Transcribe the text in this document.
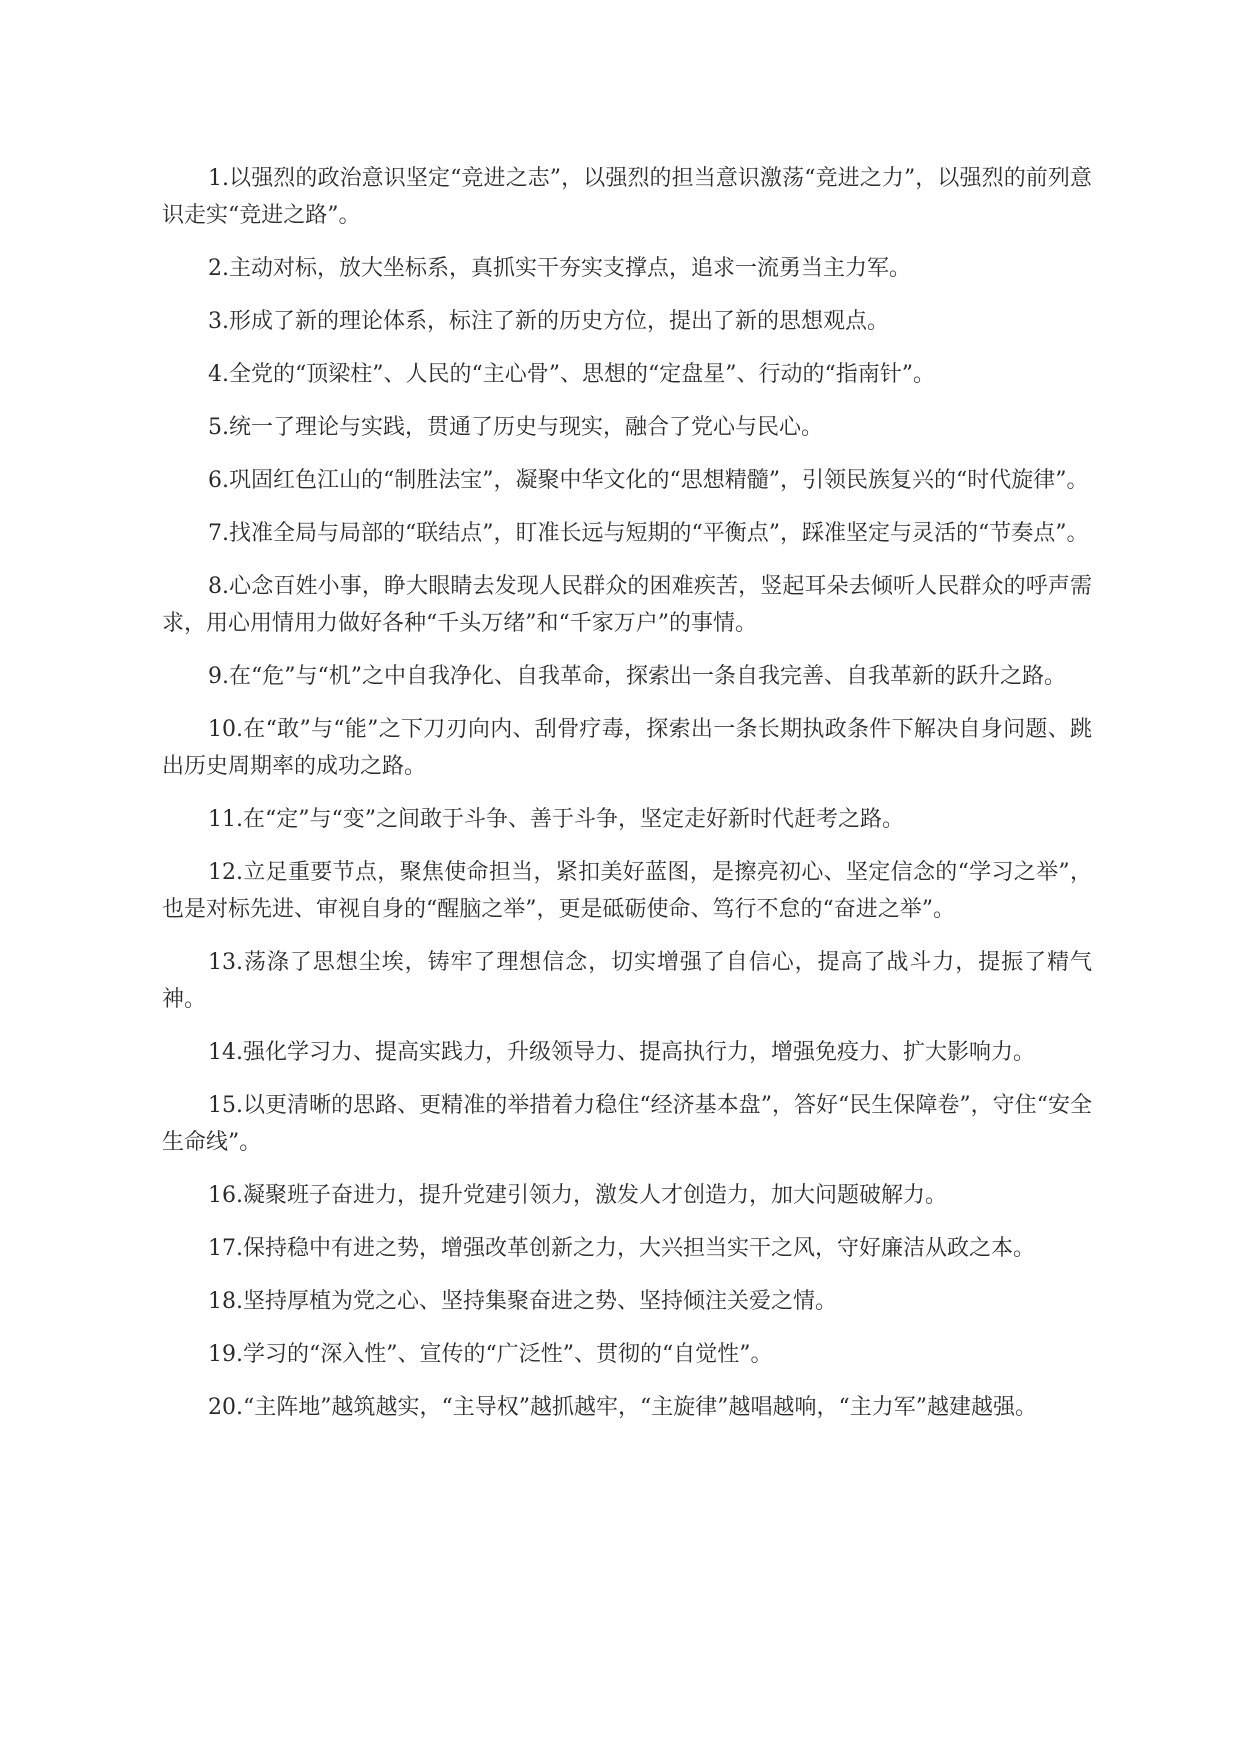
1.以强烈的政治意识坚定“竞进之志”，以强烈的担当意识激荡“竞进之力”，以强烈的前列意识走实“竞进之路”。

2.主动对标，放大坐标系，真抓实干夯实支撑点，追求一流勇当主力军。

3.形成了新的理论体系，标注了新的历史方位，提出了新的思想观点。

4.全党的“顶梁柱”、人民的“主心骨”、思想的“定盘星”、行动的“指南针”。

5.统一了理论与实践，贯通了历史与现实，融合了党心与民心。

6.巩固红色江山的“制胜法宝”，凝聚中华文化的“思想精髓”，引领民族复兴的“时代旋律”。

7.找准全局与局部的“联结点”，盯准长远与短期的“平衡点”，踩准坚定与灵活的“节奏点”。

8.心念百姓小事，睁大眼睛去发现人民群众的困难疾苦，竖起耳朵去倾听人民群众的呼声需求，用心用情用力做好各种“千头万绪”和“千家万户”的事情。

9.在“危”与“机”之中自我净化、自我革命，探索出一条自我完善、自我革新的跃升之路。

10.在“敢”与“能”之下刀刃向内、刮骨疗毒，探索出一条长期执政条件下解决自身问题、跳出历史周期率的成功之路。

11.在“定”与“变”之间敢于斗争、善于斗争，坚定走好新时代赶考之路。

12.立足重要节点，聚焦使命担当，紧扣美好蓝图，是擦亮初心、坚定信念的“学习之举”，也是对标先进、审视自身的“醒脑之举”，更是砥砺使命、笃行不怠的“奋进之举”。

13.荡涤了思想尘埃，铸牢了理想信念，切实增强了自信心，提高了战斗力，提振了精气神。

14.强化学习力、提高实践力，升级领导力、提高执行力，增强免疫力、扩大影响力。

15.以更清晰的思路、更精准的举措着力稳住“经济基本盘”，答好“民生保障卷”，守住“安全生命线”。

16.凝聚班子奋进力，提升党建引领力，激发人才创造力，加大问题破解力。

17.保持稳中有进之势，增强改革创新之力，大兴担当实干之风，守好廉洁从政之本。

18.坚持厚植为党之心、坚持集聚奋进之势、坚持倾注关爱之情。

19.学习的“深入性”、宣传的“广泛性”、贯彻的“自觉性”。

20.“主阵地”越筑越实，“主导权”越抓越牢，“主旋律”越唱越响，“主力军”越建越强。
